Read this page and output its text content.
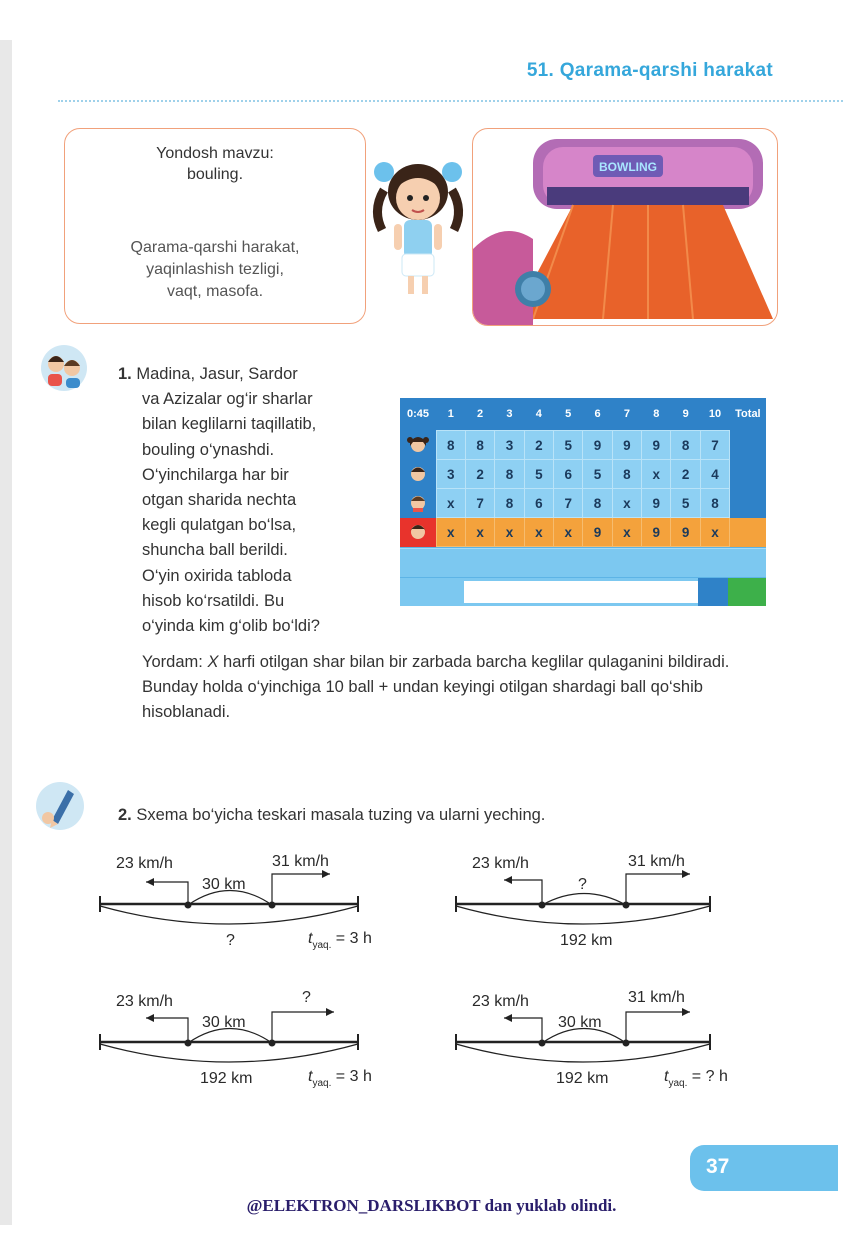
51. Qarama-qarshi harakat
Yondosh mavzu:
bouling.
Qarama-qarshi harakat,
yaqinlashish tezligi,
vaqt, masofa.
BOWLING

1. Madina, Jasur, Sardor

va Azizalar og‘ir sharlar

bilan keglilarni taqillatib,

bouling o‘ynashdi.

O‘yinchilarga har bir

otgan sharida nechta

kegli qulatgan bo‘lsa,

shuncha ball berildi.

O‘yin oxirida tabloda

hisob ko‘rsatildi. Bu

o‘yinda kim g‘olib bo‘ldi?

0:45	1	2	3	4	5	6	7	8	9	10	Total
	8	8	3	2	5	9	9	9	8	7	
	3	2	8	5	6	5	8	x	2	4	
	x	7	8	6	7	8	x	9	5	8	
	x	x	x	x	x	9	x	9	9	x	
Yordam: X harfi otilgan shar bilan bir zarbada barcha keglilar qulaganini bildiradi. Bunday holda o‘yinchiga 10 ball + undan keyingi otilgan shardagi ball qo‘shib hisoblanadi.
2. Sxema bo‘yicha teskari masala tuzing va ularni yeching.
23 km/h	31 km/h
30 km
?	$t_{yaq.} = 3$ h
23 km/h	31 km/h
?
192 km
23 km/h	?
30 km
192 km	$t_{yaq.} = 3$ h
23 km/h	31 km/h
30 km
192 km	$t_{yaq.}$ = ? h
37
@ELEKTRON_DARSLIKBOT dan yuklab olindi.
